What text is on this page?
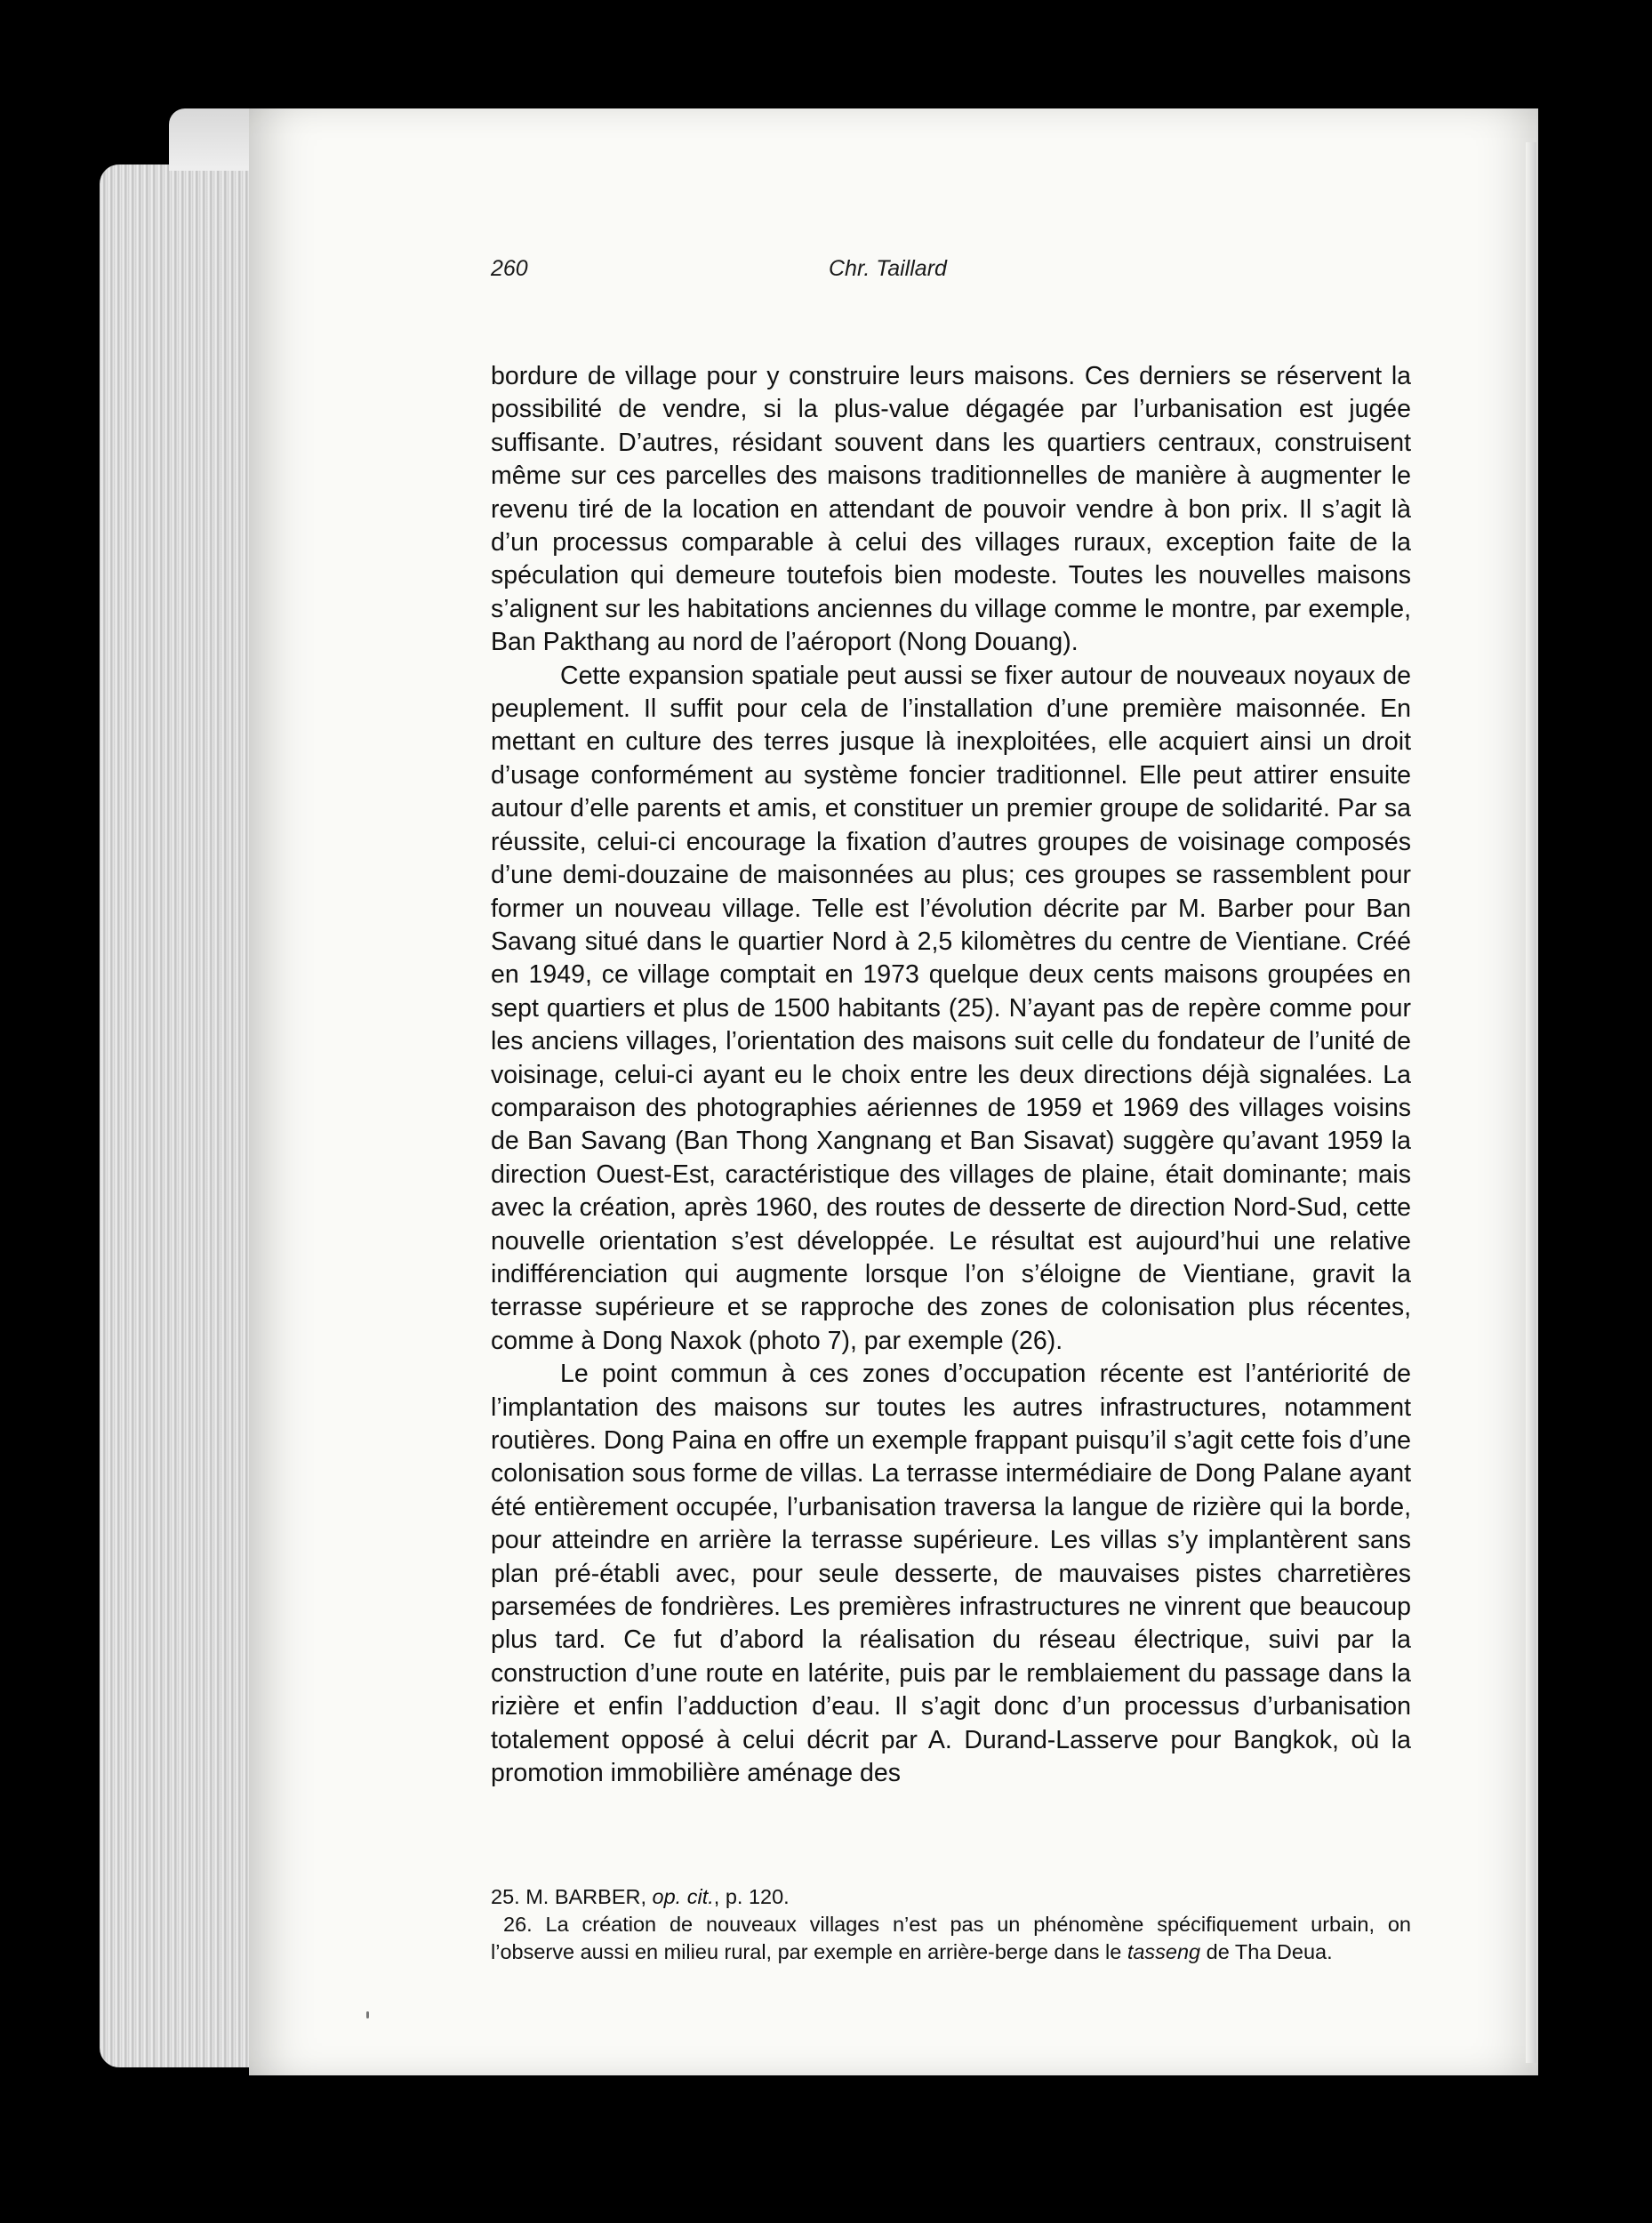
260	Chr. Taillard

bordure de village pour y construire leurs maisons. Ces derniers se réservent la possibilité de vendre, si la plus-value dégagée par l’urbanisation est jugée suffisante. D’autres, résidant souvent dans les quartiers centraux, construisent même sur ces parcelles des maisons traditionnelles de manière à augmenter le revenu tiré de la location en attendant de pouvoir vendre à bon prix. Il s’agit là d’un processus comparable à celui des villages ruraux, exception faite de la spéculation qui demeure toutefois bien modeste. Toutes les nouvelles maisons s’alignent sur les habitations anciennes du village comme le montre, par exemple, Ban Pakthang au nord de l’aéroport (Nong Douang).

Cette expansion spatiale peut aussi se fixer autour de nouveaux noyaux de peuplement. Il suffit pour cela de l’installation d’une première maisonnée. En mettant en culture des terres jusque là inexploitées, elle acquiert ainsi un droit d’usage conformément au système foncier traditionnel. Elle peut attirer ensuite autour d’elle parents et amis, et constituer un premier groupe de solidarité. Par sa réussite, celui-ci encourage la fixation d’autres groupes de voisinage composés d’une demi-douzaine de maisonnées au plus; ces groupes se rassemblent pour former un nouveau village. Telle est l’évolution décrite par M. Barber pour Ban Savang situé dans le quartier Nord à 2,5 kilomètres du centre de Vientiane. Créé en 1949, ce village comptait en 1973 quelque deux cents maisons groupées en sept quartiers et plus de 1500 habitants (25). N’ayant pas de repère comme pour les anciens villages, l’orientation des maisons suit celle du fondateur de l’unité de voisinage, celui-ci ayant eu le choix entre les deux directions déjà signalées. La comparaison des photographies aériennes de 1959 et 1969 des villages voisins de Ban Savang (Ban Thong Xangnang et Ban Sisavat) suggère qu’avant 1959 la direction Ouest-Est, caractéristique des villages de plaine, était dominante; mais avec la création, après 1960, des routes de desserte de direction Nord-Sud, cette nouvelle orientation s’est développée. Le résultat est aujourd’hui une relative indifférenciation qui augmente lorsque l’on s’éloigne de Vientiane, gravit la terrasse supérieure et se rapproche des zones de colonisation plus récentes, comme à Dong Naxok (photo 7), par exemple (26).

Le point commun à ces zones d’occupation récente est l’antériorité de l’implantation des maisons sur toutes les autres infrastructures, notamment routières. Dong Paina en offre un exemple frappant puisqu’il s’agit cette fois d’une colonisation sous forme de villas. La terrasse intermédiaire de Dong Palane ayant été entièrement occupée, l’urbanisation traversa la langue de rizière qui la borde, pour atteindre en arrière la terrasse supérieure. Les villas s’y implantèrent sans plan pré-établi avec, pour seule desserte, de mauvaises pistes charretières parsemées de fondrières. Les premières infrastructures ne vinrent que beaucoup plus tard. Ce fut d’abord la réalisation du réseau électrique, suivi par la construction d’une route en latérite, puis par le remblaiement du passage dans la rizière et enfin l’adduction d’eau. Il s’agit donc d’un processus d’urbanisation totalement opposé à celui décrit par A. Durand-Lasserve pour Bangkok, où la promotion immobilière aménage des

25. M. BARBER, op. cit., p. 120.

26. La création de nouveaux villages n’est pas un phénomène spécifiquement urbain, on l’observe aussi en milieu rural, par exemple en arrière-berge dans le tasseng de Tha Deua.
